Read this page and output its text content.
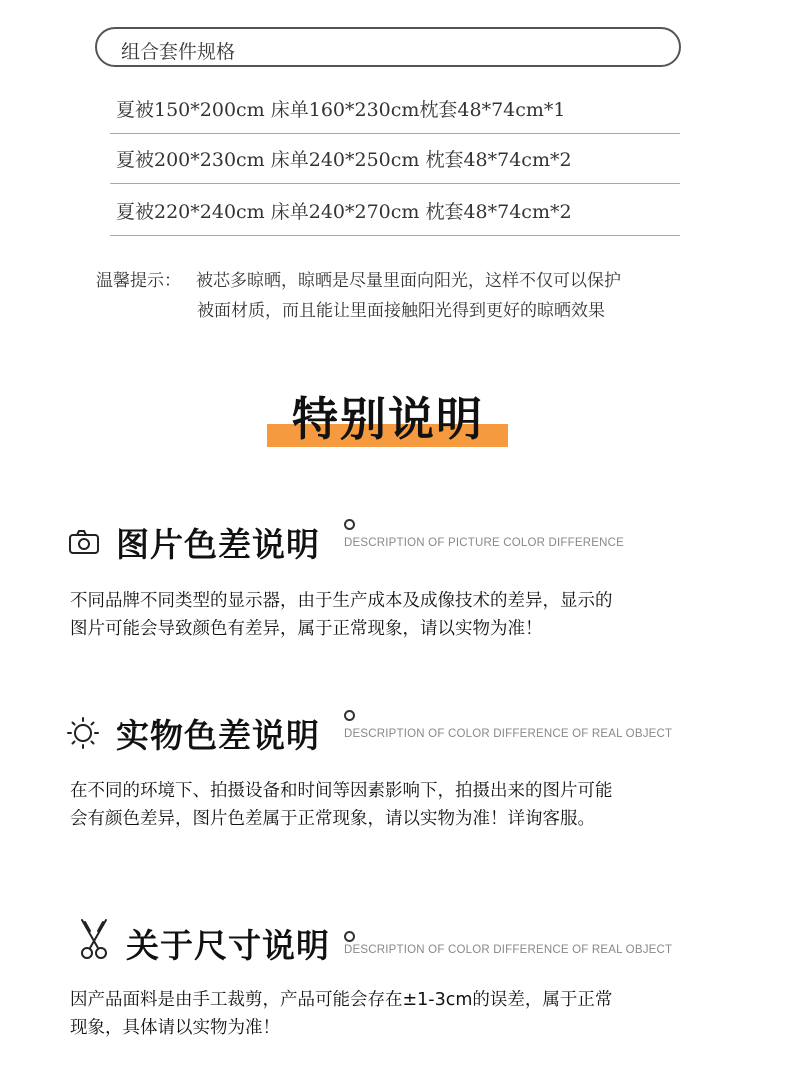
组合套件规格
夏被150*200cm 床单160*230cm枕套48*74cm*1
夏被200*230cm 床单240*250cm 枕套48*74cm*2
夏被220*240cm 床单240*270cm 枕套48*74cm*2
温馨提示： 被芯多晾晒，晾晒是尽量里面向阳光，这样不仅可以保护
被面材质，而且能让里面接触阳光得到更好的晾晒效果
特别说明
图片色差说明 DESCRIPTION OF PICTURE COLOR DIFFERENCE
不同品牌不同类型的显示器，由于生产成本及成像技术的差异，显示的
图片可能会导致颜色有差异，属于正常现象，请以实物为准！
实物色差说明 DESCRIPTION OF COLOR DIFFERENCE OF REAL OBJECT
在不同的环境下、拍摄设备和时间等因素影响下，拍摄出来的图片可能
会有颜色差异，图片色差属于正常现象，请以实物为准！详询客服。
关于尺寸说明 DESCRIPTION OF COLOR DIFFERENCE OF REAL OBJECT
因产品面料是由手工裁剪，产品可能会存在±1-3cm的误差，属于正常
现象，具体请以实物为准！
